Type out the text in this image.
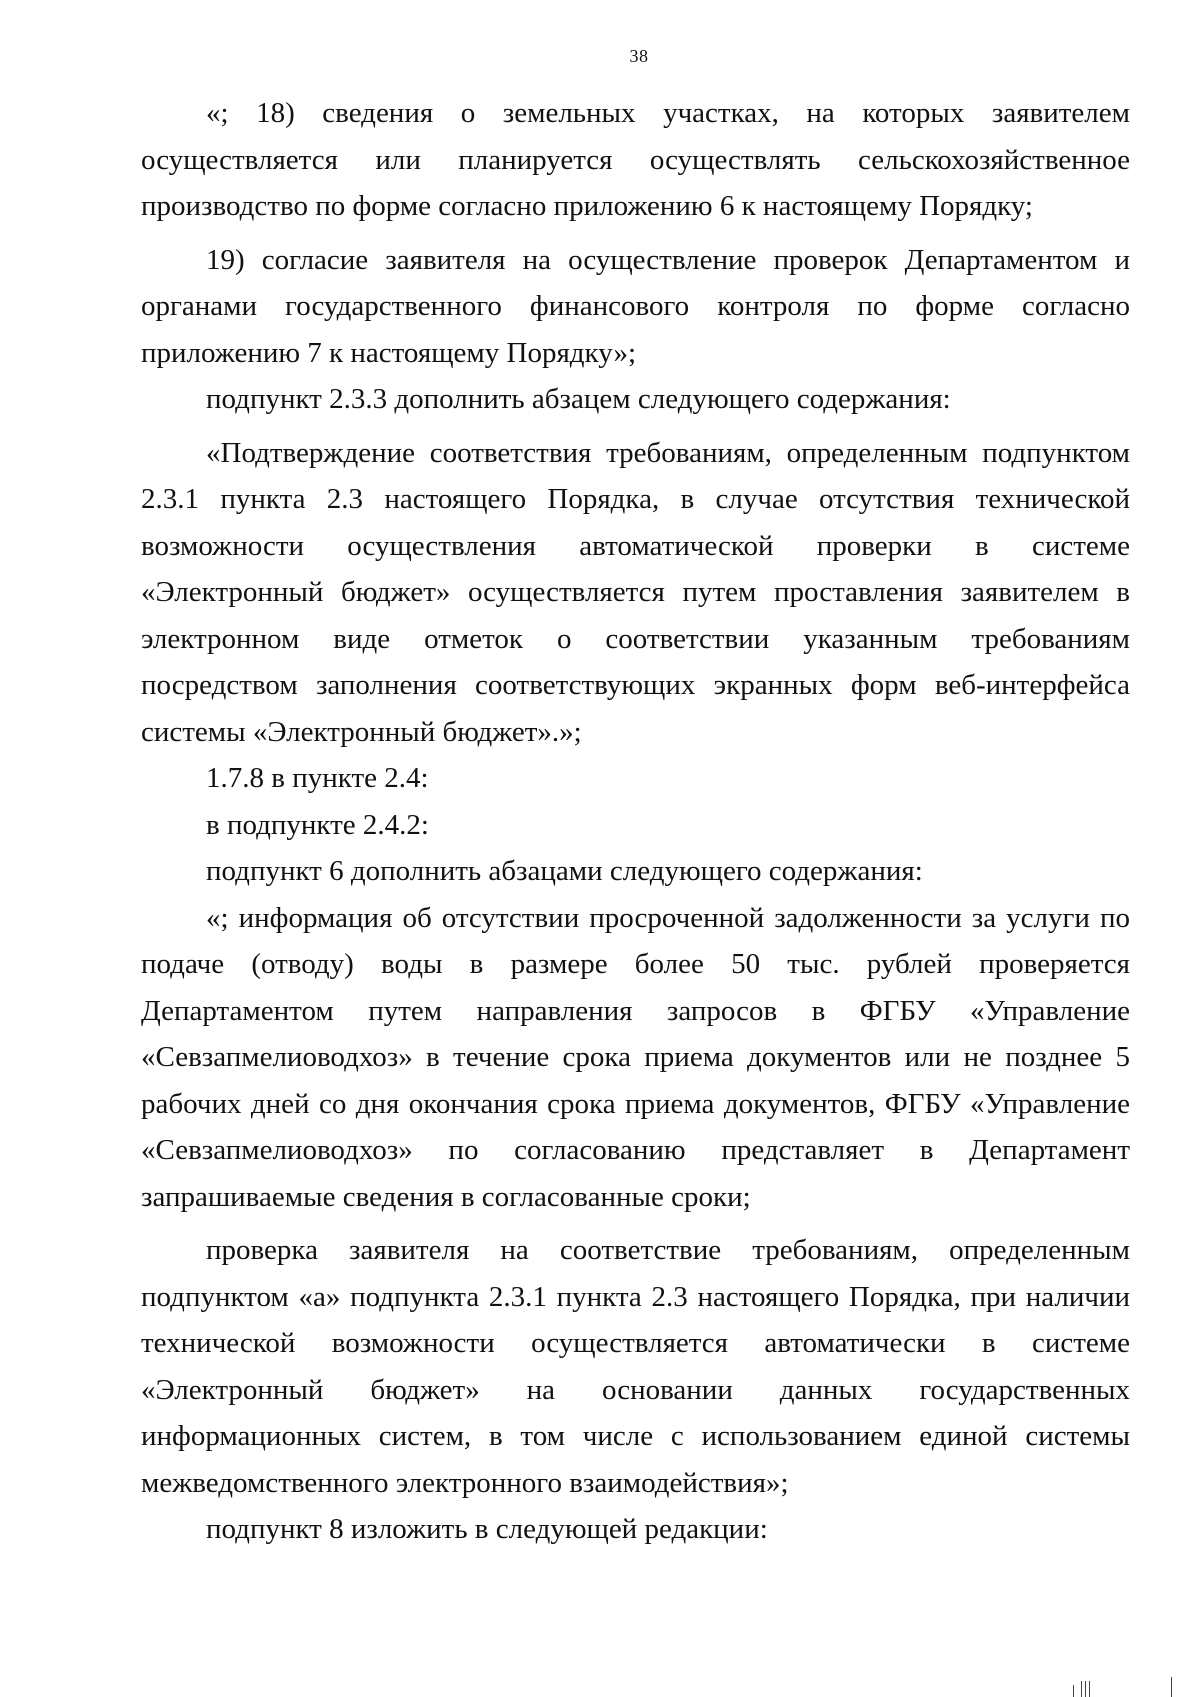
38

«; 18) сведения о земельных участках, на которых заявителем осуществляется или планируется осуществлять сельскохозяйственное производство по форме согласно приложению 6 к настоящему Порядку;

19) согласие заявителя на осуществление проверок Департаментом и органами государственного финансового контроля по форме согласно приложению 7 к настоящему Порядку»;

подпункт 2.3.3 дополнить абзацем следующего содержания:

«Подтверждение соответствия требованиям, определенным подпунктом 2.3.1 пункта 2.3 настоящего Порядка, в случае отсутствия технической возможности осуществления автоматической проверки в системе «Электронный бюджет» осуществляется путем проставления заявителем в электронном виде отметок о соответствии указанным требованиям посредством заполнения соответствующих экранных форм веб-интерфейса системы «Электронный бюджет».»;

1.7.8 в пункте 2.4:

в подпункте 2.4.2:

подпункт 6 дополнить абзацами следующего содержания:

«; информация об отсутствии просроченной задолженности за услуги по подаче (отводу) воды в размере более 50 тыс. рублей проверяется Департаментом путем направления запросов в ФГБУ «Управление «Севзапмелиоводхоз» в течение срока приема документов или не позднее 5 рабочих дней со дня окончания срока приема документов, ФГБУ «Управление «Севзапмелиоводхоз» по согласованию представляет в Департамент запрашиваемые сведения в согласованные сроки;

проверка заявителя на соответствие требованиям, определенным подпунктом «а» подпункта 2.3.1 пункта 2.3 настоящего Порядка, при наличии технической возможности осуществляется автоматически в системе «Электронный бюджет» на основании данных государственных информационных систем, в том числе с использованием единой системы межведомственного электронного взаимодействия»;

подпункт 8 изложить в следующей редакции:
